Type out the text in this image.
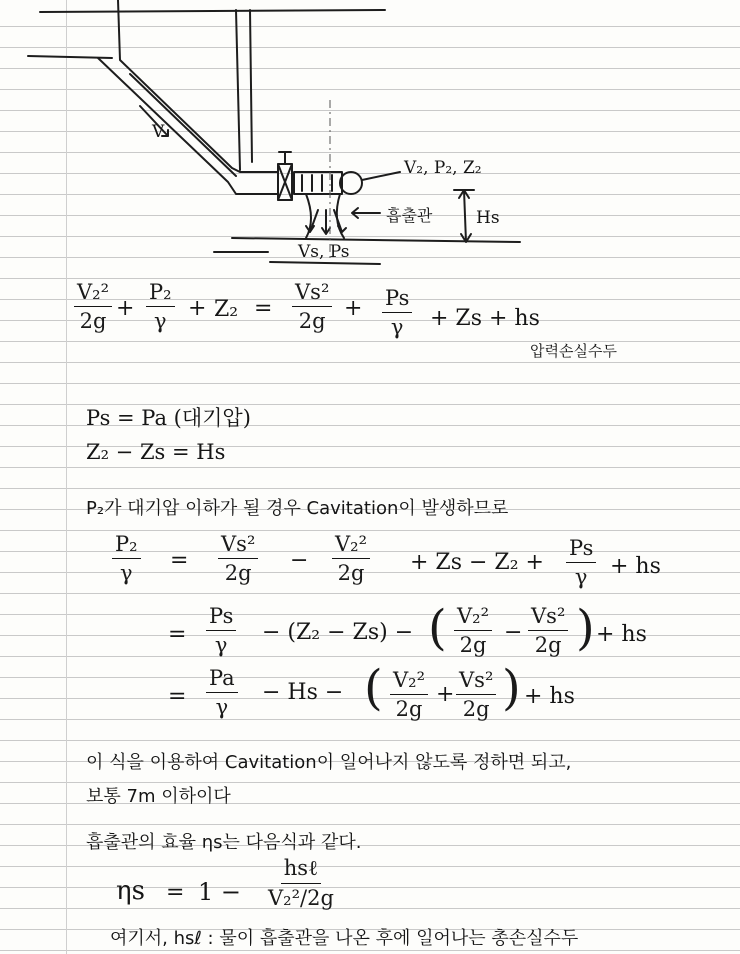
V
V₂, P₂, Z₂
흡출관	Hs
Vs, Ps
$\frac{\text{V₂²}}{2g} + \frac{\text{P₂}}{\gamma} + Z_2 = \frac{\text{Vs²}}{2g} + \frac{Ps}{\gamma} + Zs$ + hs
압력손실수두
Ps = Pa (대기압)
Z₂ − Zs = Hs
P₂가 대기압 이하가 될 경우 Cavitation이 발생하므로
$\frac{\text{P₂}}{\gamma} = \frac{\text{Vs²}}{2g} - \frac{\text{V₂²}}{2g} + Zs - Z_2 + \frac{Ps}{\gamma}$ + hs
= $\frac{Ps}{\gamma} - (Z_2 - Zs)$ − ( $\frac{\text{V₂²}}{2g} - \frac{\text{Vs²}}{2g}$ ) + hs
= $\frac{Pa}{\gamma} - Hs$ − ( $\frac{\text{V₂²}}{2g} + \frac{\text{Vs²}}{2g}$ ) + hs
이 식을 이용하여 Cavitation이 일어나지 않도록 정하면 되고,
보통 7m 이하이다
흡출관의 효율 ηs는 다음식과 같다.
ηs = 1 −
hsℓ
V₂²/2g
여기서, hsℓ : 물이 흡출관을 나온 후에 일어나는 총손실수두
